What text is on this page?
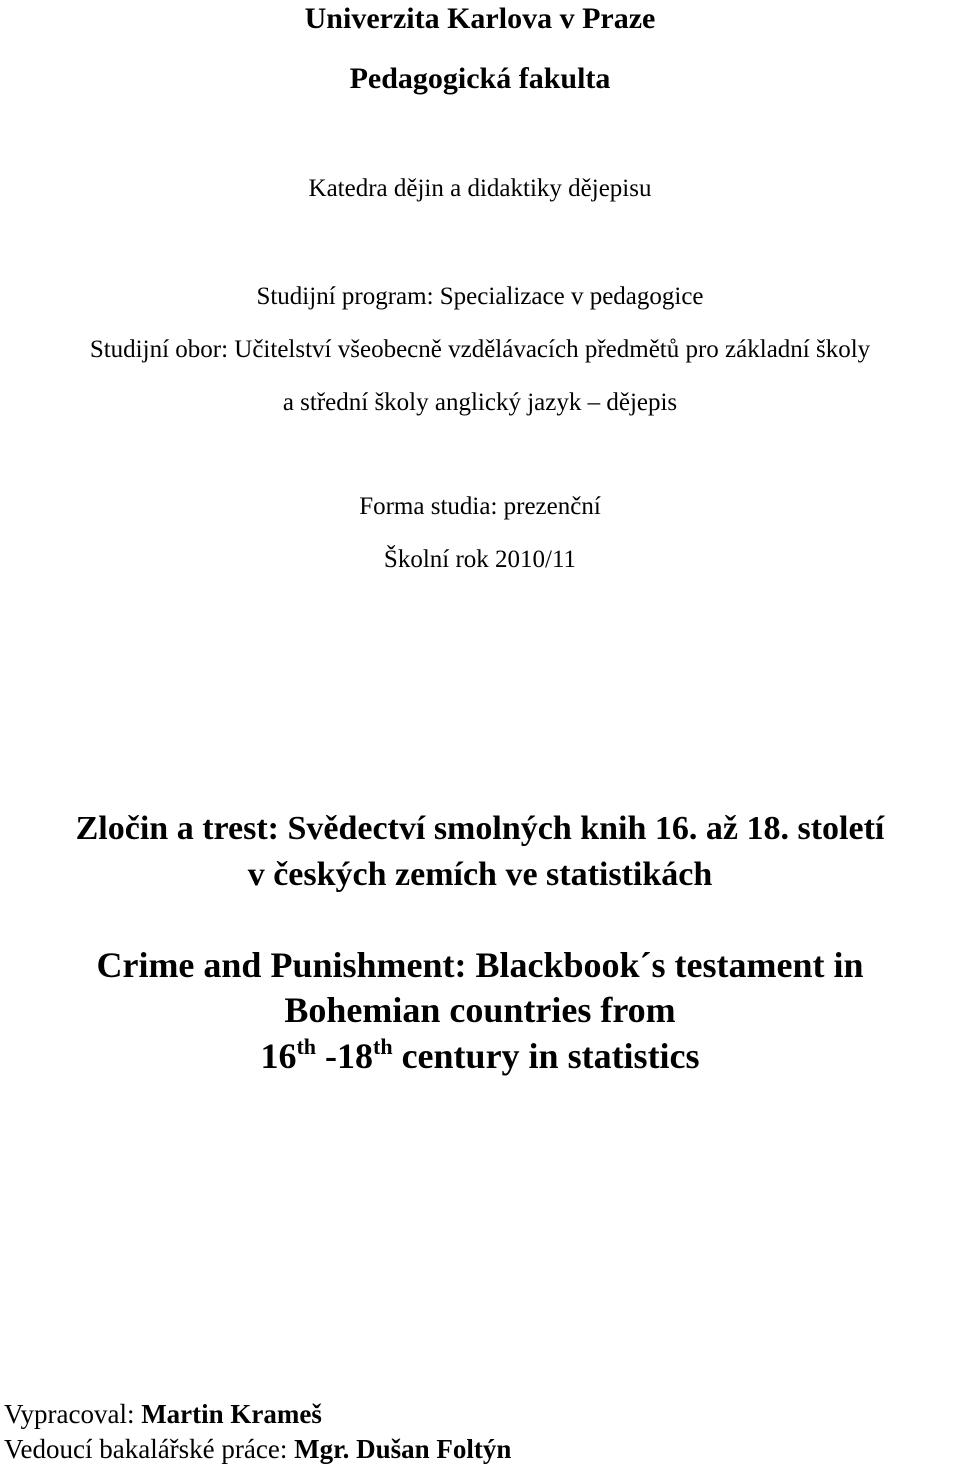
Univerzita Karlova v Praze
Pedagogická fakulta
Katedra dějin a didaktiky dějepisu
Studijní program: Specializace v pedagogice
Studijní obor: Učitelství všeobecně vzdělávacích předmětů pro základní školy
a střední školy anglický jazyk – dějepis
Forma studia: prezenční
Školní rok 2010/11
Zločin a trest: Svědectví smolných knih 16. až 18. století
v českých zemích ve statistikách
Crime and Punishment: Blackbook´s testament in
Bohemian countries from
16th -18th century in statistics
Vypracoval: Martin Krameš
Vedoucí bakalářské práce: Mgr. Dušan Foltýn
